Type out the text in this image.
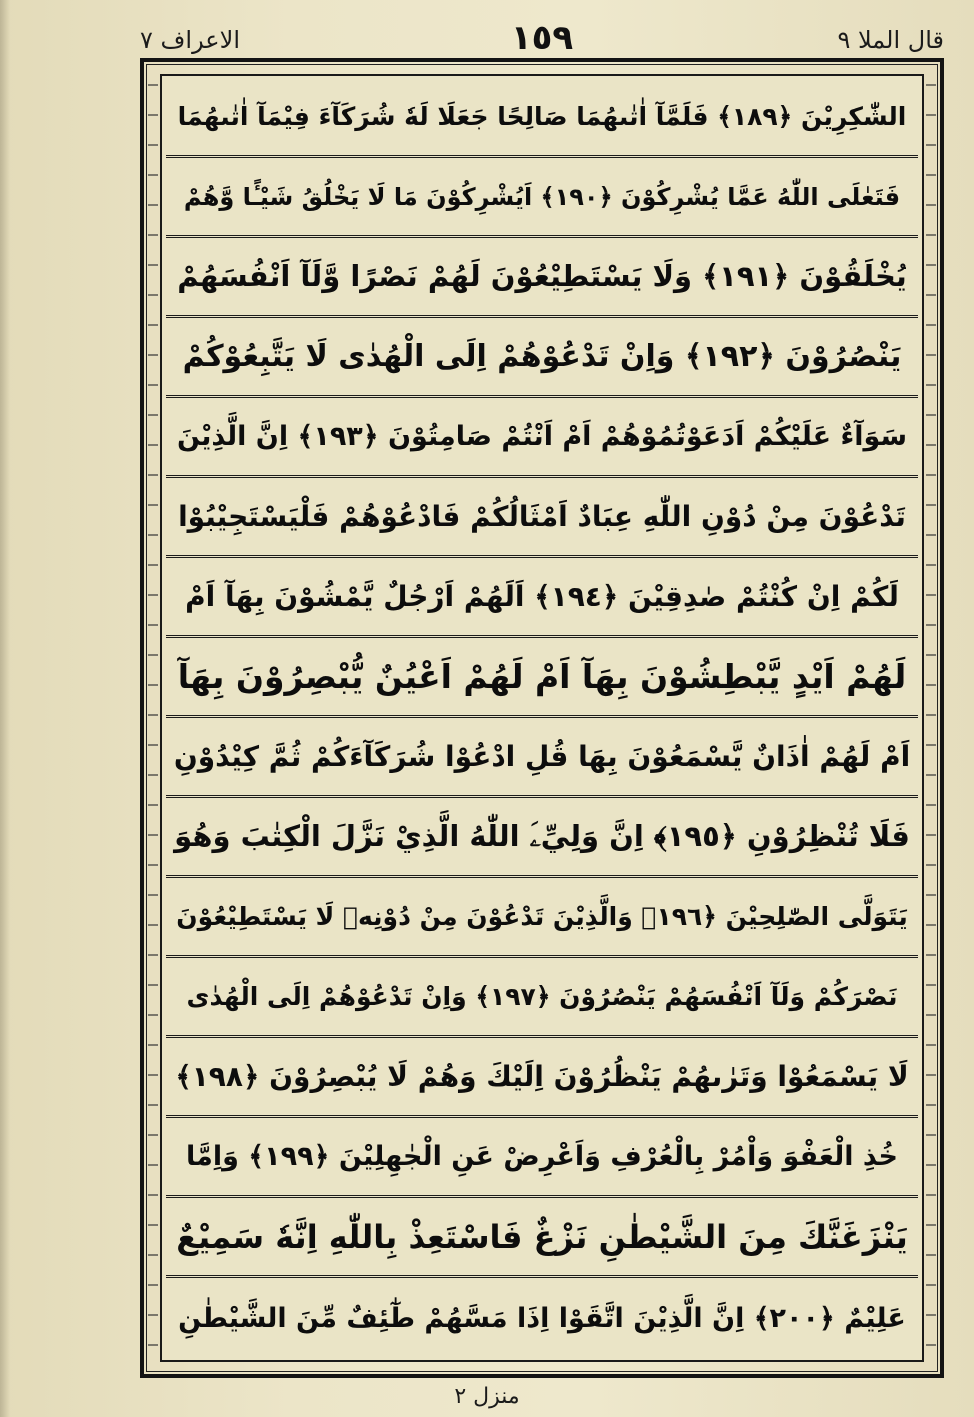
قال الملا ٩
١٥٩
الاعراف ٧
الشّٰكِرِيْنَ ﴿١٨٩﴾ فَلَمَّآ اٰتٰىهُمَا صَالِحًا جَعَلَا لَهٗ شُرَكَآءَ فِيْمَآ اٰتٰىهُمَا
فَتَعٰلَى اللّٰهُ عَمَّا يُشْرِكُوْنَ ﴿١٩٠﴾ اَيُشْرِكُوْنَ مَا لَا يَخْلُقُ شَيْـًٔا وَّهُمْ
يُخْلَقُوْنَ ﴿١٩١﴾ وَلَا يَسْتَطِيْعُوْنَ لَهُمْ نَصْرًا وَّلَآ اَنْفُسَهُمْ
يَنْصُرُوْنَ ﴿١٩٢﴾ وَاِنْ تَدْعُوْهُمْ اِلَى الْهُدٰى لَا يَتَّبِعُوْكُمْ
سَوَآءٌ عَلَيْكُمْ اَدَعَوْتُمُوْهُمْ اَمْ اَنْتُمْ صَامِتُوْنَ ﴿١٩٣﴾ اِنَّ الَّذِيْنَ
تَدْعُوْنَ مِنْ دُوْنِ اللّٰهِ عِبَادٌ اَمْثَالُكُمْ فَادْعُوْهُمْ فَلْيَسْتَجِيْبُوْا
لَكُمْ اِنْ كُنْتُمْ صٰدِقِيْنَ ﴿١٩٤﴾ اَلَهُمْ اَرْجُلٌ يَّمْشُوْنَ بِهَآ اَمْ
لَهُمْ اَيْدٍ يَّبْطِشُوْنَ بِهَآ اَمْ لَهُمْ اَعْيُنٌ يُّبْصِرُوْنَ بِهَآ
اَمْ لَهُمْ اٰذَانٌ يَّسْمَعُوْنَ بِهَا قُلِ ادْعُوْا شُرَكَآءَكُمْ ثُمَّ كِيْدُوْنِ
فَلَا تُنْظِرُوْنِ ﴿١٩٥﴾ اِنَّ وَلِيِّۦَ اللّٰهُ الَّذِيْ نَزَّلَ الْكِتٰبَ وَهُوَ
يَتَوَلَّى الصّٰلِحِيْنَ ﴿١٩٦﴾ وَالَّذِيْنَ تَدْعُوْنَ مِنْ دُوْنِهٖ لَا يَسْتَطِيْعُوْنَ
نَصْرَكُمْ وَلَآ اَنْفُسَهُمْ يَنْصُرُوْنَ ﴿١٩٧﴾ وَاِنْ تَدْعُوْهُمْ اِلَى الْهُدٰى
لَا يَسْمَعُوْا وَتَرٰىهُمْ يَنْظُرُوْنَ اِلَيْكَ وَهُمْ لَا يُبْصِرُوْنَ ﴿١٩٨﴾
خُذِ الْعَفْوَ وَاْمُرْ بِالْعُرْفِ وَاَعْرِضْ عَنِ الْجٰهِلِيْنَ ﴿١٩٩﴾ وَاِمَّا
يَنْزَغَنَّكَ مِنَ الشَّيْطٰنِ نَزْغٌ فَاسْتَعِذْ بِاللّٰهِ اِنَّهٗ سَمِيْعٌ
عَلِيْمٌ ﴿٢٠٠﴾ اِنَّ الَّذِيْنَ اتَّقَوْا اِذَا مَسَّهُمْ طٰٓئِفٌ مِّنَ الشَّيْطٰنِ
منزل ٢
